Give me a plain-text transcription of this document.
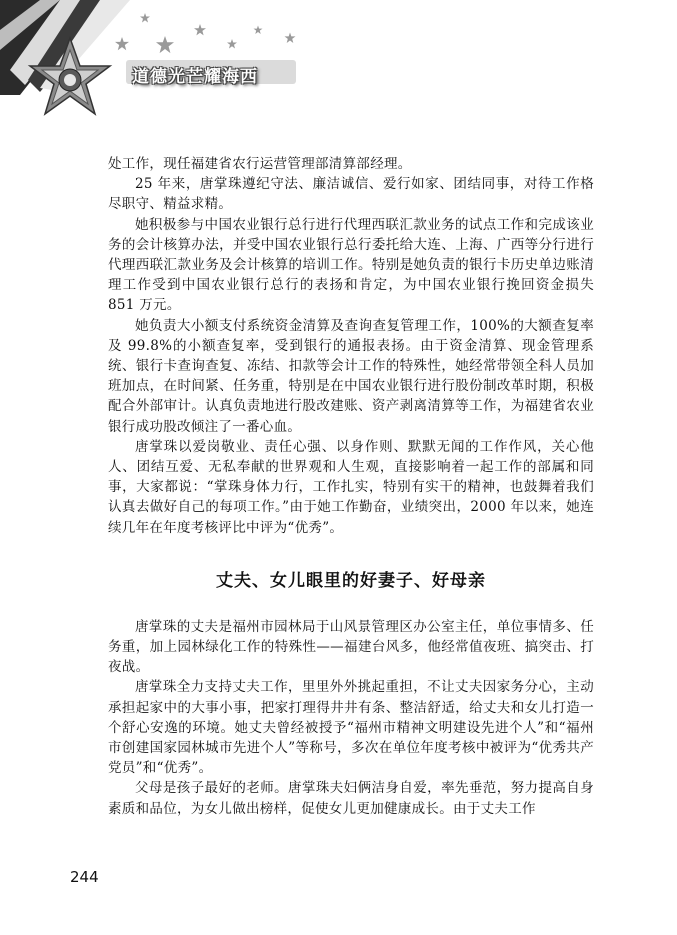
道德光芒耀海西

处工作，现任福建省农行运营管理部清算部经理。

25 年来，唐掌珠遵纪守法、廉洁诚信、爱行如家、团结同事，对待工作格尽职守、精益求精。

她积极参与中国农业银行总行进行代理西联汇款业务的试点工作和完成该业务的会计核算办法，并受中国农业银行总行委托给大连、上海、广西等分行进行代理西联汇款业务及会计核算的培训工作。特别是她负责的银行卡历史单边账清理工作受到中国农业银行总行的表扬和肯定，为中国农业银行挽回资金损失 851 万元。

她负责大小额支付系统资金清算及查询查复管理工作，100%的大额查复率及 99.8%的小额查复率，受到银行的通报表扬。由于资金清算、现金管理系统、银行卡查询查复、冻结、扣款等会计工作的特殊性，她经常带领全科人员加班加点，在时间紧、任务重，特别是在中国农业银行进行股份制改革时期，积极配合外部审计。认真负责地进行股改建账、资产剥离清算等工作，为福建省农业银行成功股改倾注了一番心血。

唐掌珠以爱岗敬业、责任心强、以身作则、默默无闻的工作作风，关心他人、团结互爱、无私奉献的世界观和人生观，直接影响着一起工作的部属和同事，大家都说：“掌珠身体力行，工作扎实，特别有实干的精神，也鼓舞着我们认真去做好自己的每项工作。”由于她工作勤奋，业绩突出，2000 年以来，她连续几年在年度考核评比中评为“优秀”。

丈夫、女儿眼里的好妻子、好母亲

唐掌珠的丈夫是福州市园林局于山风景管理区办公室主任，单位事情多、任务重，加上园林绿化工作的特殊性——福建台风多，他经常值夜班、搞突击、打夜战。

唐掌珠全力支持丈夫工作，里里外外挑起重担，不让丈夫因家务分心，主动承担起家中的大事小事，把家打理得井井有条、整洁舒适，给丈夫和女儿打造一个舒心安逸的环境。她丈夫曾经被授予“福州市精神文明建设先进个人”和“福州市创建国家园林城市先进个人”等称号，多次在单位年度考核中被评为“优秀共产党员”和“优秀”。

父母是孩子最好的老师。唐掌珠夫妇俩洁身自爱，率先垂范，努力提高自身素质和品位，为女儿做出榜样，促使女儿更加健康成长。由于丈夫工作

244
